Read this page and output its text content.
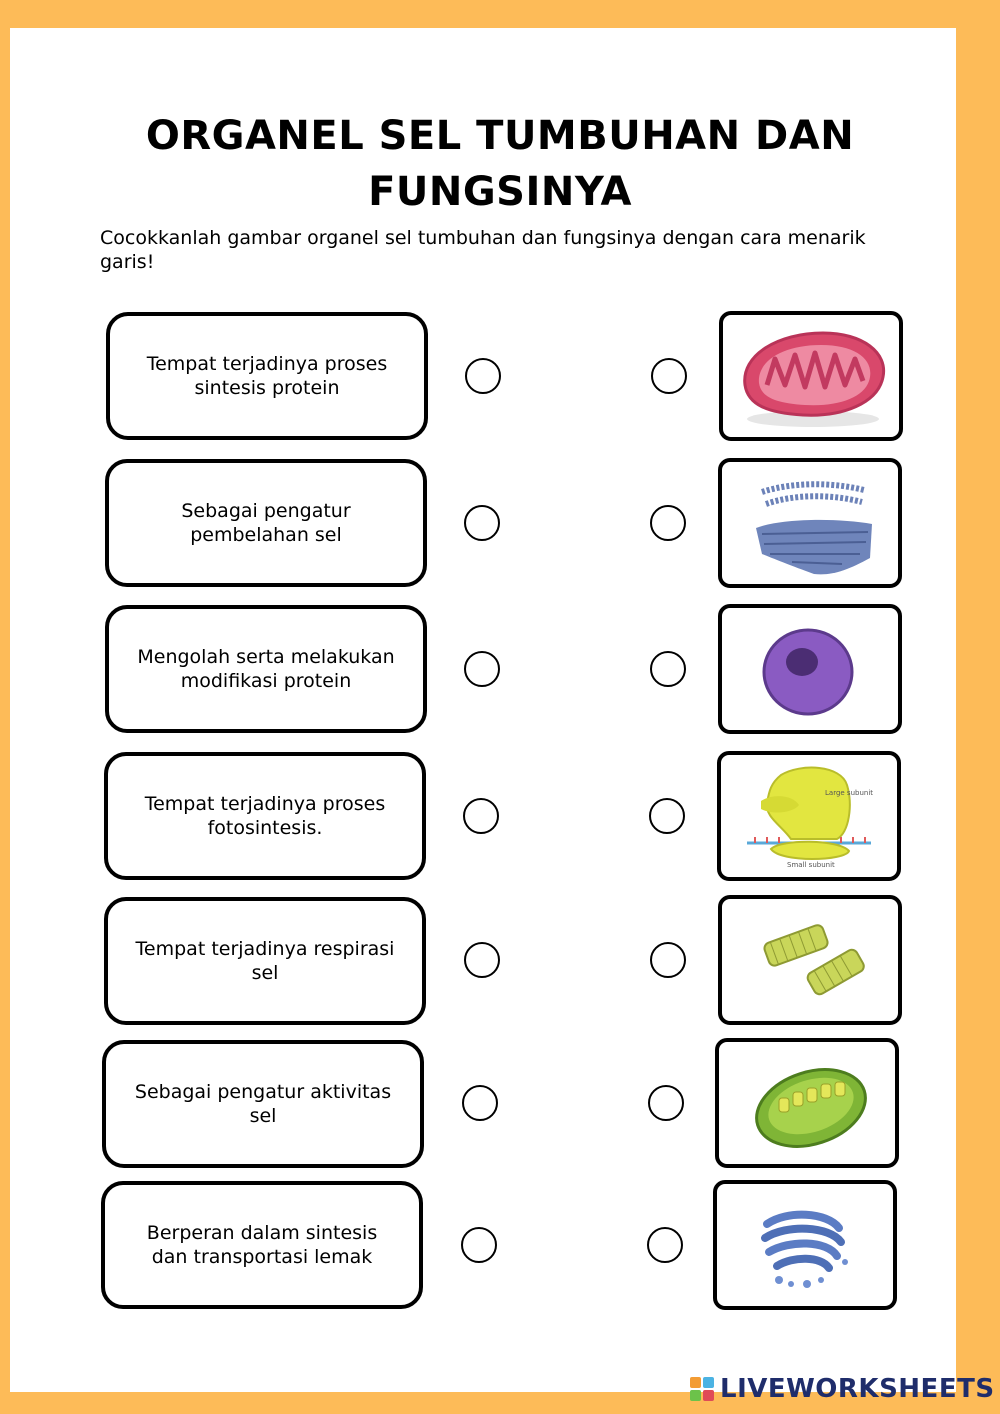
ORGANEL SEL TUMBUHAN DAN
FUNGSINYA
Cocokkanlah gambar organel sel tumbuhan dan fungsinya dengan cara menarik garis!
Tempat terjadinya proses sintesis protein
Sebagai pengatur pembelahan sel
Mengolah serta melakukan modifikasi protein
Tempat terjadinya proses fotosintesis.
Tempat terjadinya respirasi sel
Sebagai pengatur aktivitas sel
Berperan dalam sintesis dan transportasi lemak
Large subunit
Small subunit
LIVEWORKSHEETS
